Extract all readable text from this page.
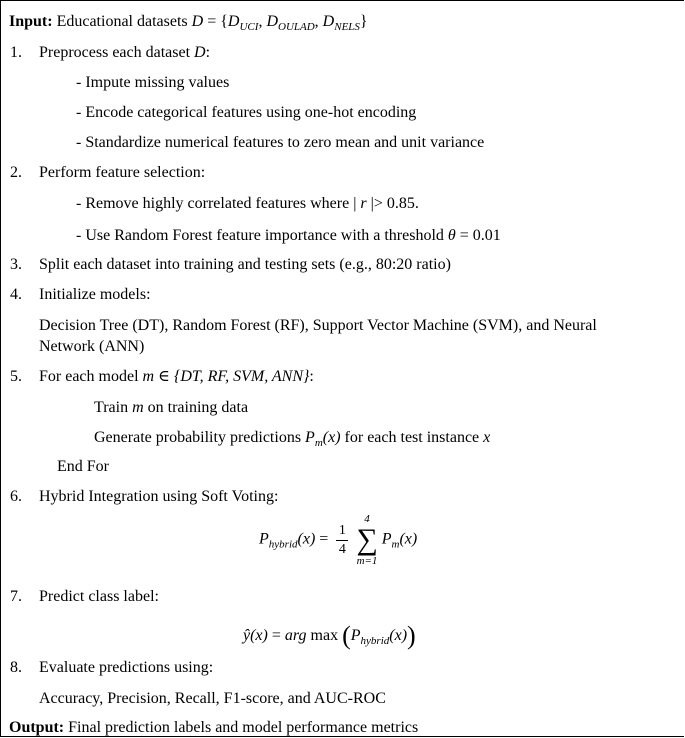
Input: Educational datasets $D = \{D_{UCI}$, $D_{OULAD}$, $D_{NELS}$}
1. Preprocess each dataset D:
- Impute missing values
- Encode categorical features using one-hot encoding
- Standardize numerical features to zero mean and unit variance
2. Perform feature selection:
- Remove highly correlated features where | r |> 0.85.
- Use Random Forest feature importance with a threshold θ = 0.01
3. Split each dataset into training and testing sets (e.g., 80:20 ratio)
4. Initialize models:
Decision Tree (DT), Random Forest (RF), Support Vector Machine (SVM), and Neural
Network (ANN)
5. For each model m ∈ {DT, RF, SVM, ANN}:
Train m on training data
Generate probability predictions $P_m(x)$ for each test instance x
End For
6. Hybrid Integration using Soft Voting:
$P_{hybrid}(x) = \frac{1}{4}$
4
∑
m=1
$P_m(x)$
7. Predict class label:
ŷ(x) = arg $\max (P_{hybrid}(x))$
8. Evaluate predictions using:
Accuracy, Precision, Recall, F1-score, and AUC-ROC
Output: Final prediction labels and model performance metrics
